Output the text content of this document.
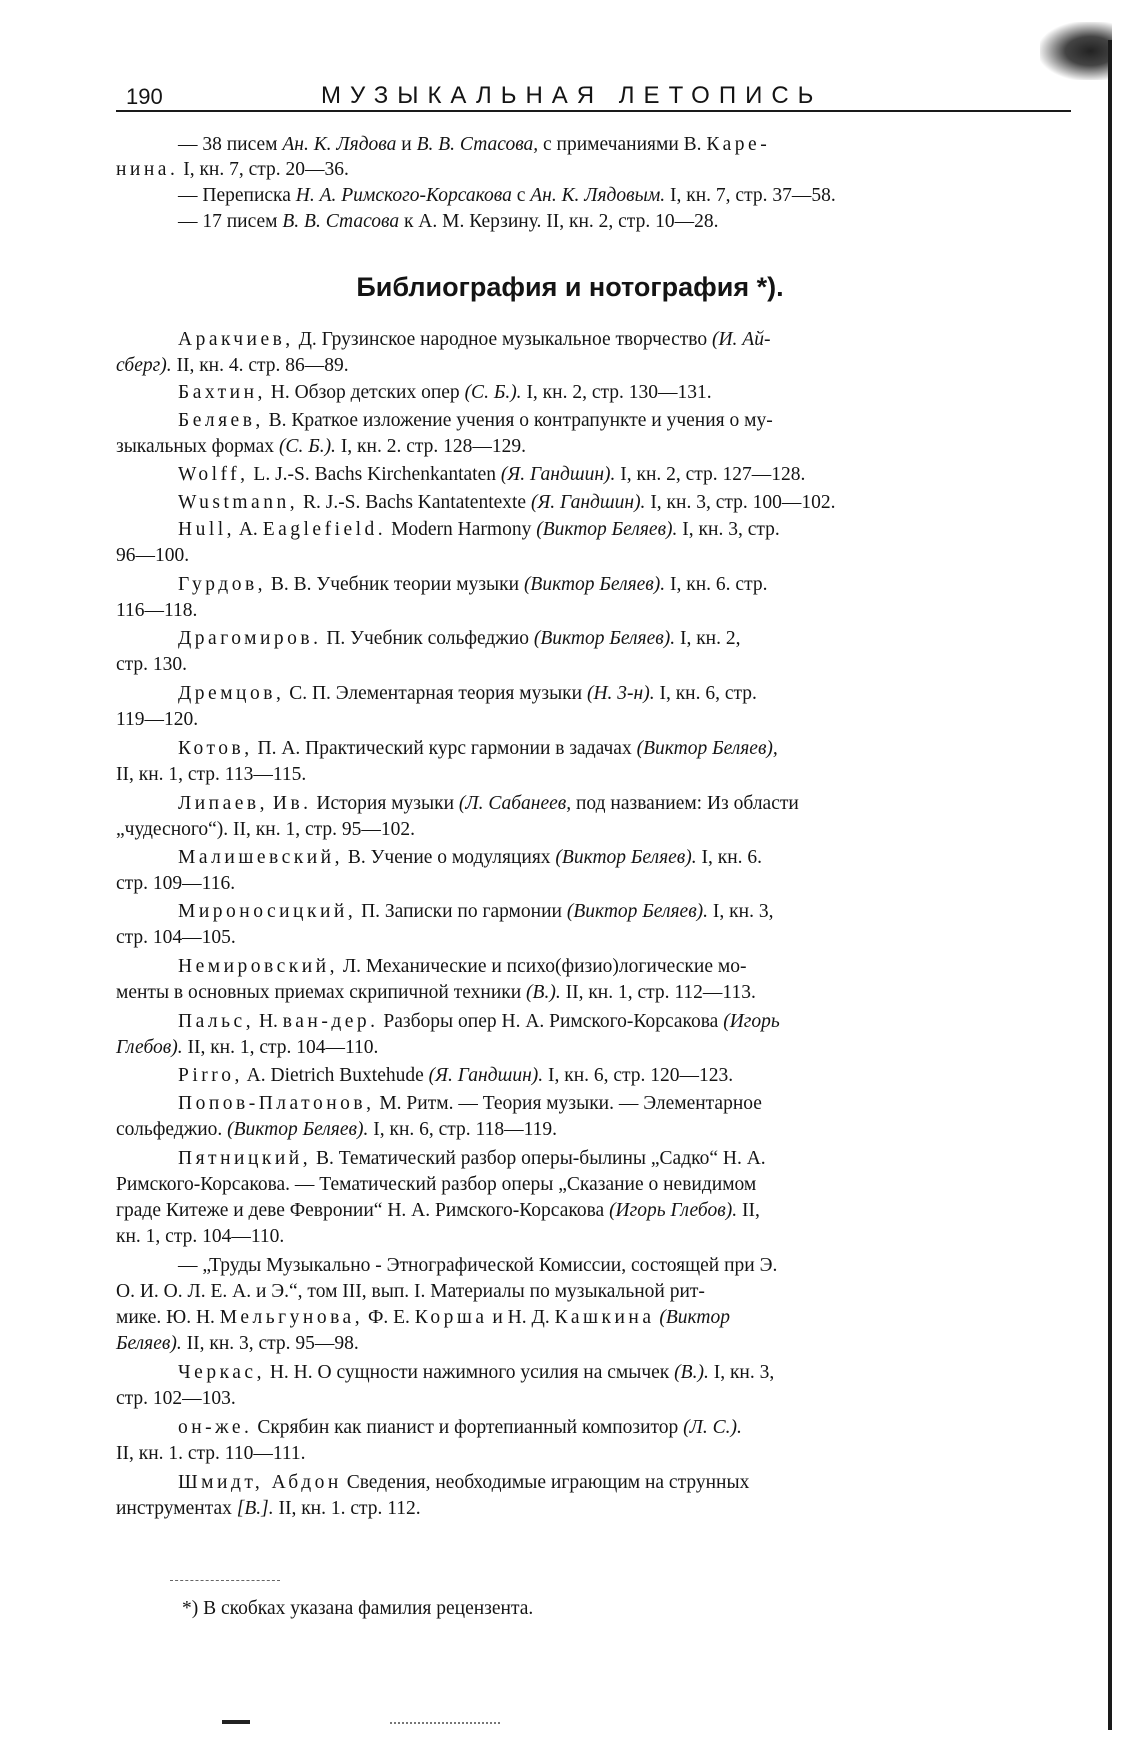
190	МУЗЫКАЛЬНАЯ ЛЕТОПИСЬ
— 38 писем Ан. К. Лядова и В. В. Стасова, с примечаниями В. Каре-
нина. I, кн. 7, стр. 20—36.
— Переписка Н. А. Римского-Корсакова с Ан. К. Лядовым. I, кн. 7, стр. 37—58.
— 17 писем В. В. Стасова к А. М. Керзину. II, кн. 2, стр. 10—28.
Библиография и нотография *).
Аракчиев, Д. Грузинское народное музыкальное творчество (И. Ай-
сберг). II, кн. 4. стр. 86—89.
Бахтин, Н. Обзор детских опер (С. Б.). I, кн. 2, стр. 130—131.
Беляев, В. Краткое изложение учения о контрапункте и учения о му-
зыкальных формах (С. Б.). I, кн. 2. стр. 128—129.
Wolff, L. J.-S. Bachs Kirchenkantaten (Я. Гандшин). I, кн. 2, стр. 127—128.
Wustmann, R. J.-S. Bachs Kantatentexte (Я. Гандшин). I, кн. 3, стр. 100—102.
Hull, A. Eaglefield. Modern Harmony (Виктор Беляев). I, кн. 3, стр.
96—100.
Гурдов, В. В. Учебник теории музыки (Виктор Беляев). I, кн. 6. стр.
116—118.
Драгомиров. П. Учебник сольфеджио (Виктор Беляев). I, кн. 2,
стр. 130.
Дремцов, С. П. Элементарная теория музыки (Н. 3-н). I, кн. 6, стр.
119—120.
Котов, П. А. Практический курс гармонии в задачах (Виктор Беляев),
II, кн. 1, стр. 113—115.
Липаев, Ив. История музыки (Л. Сабанеев, под названием: Из области
„чудесного“). II, кн. 1, стр. 95—102.
Малишевский, В. Учение о модуляциях (Виктор Беляев). I, кн. 6.
стр. 109—116.
Мироносицкий, П. Записки по гармонии (Виктор Беляев). I, кн. 3,
стр. 104—105.
Немировский, Л. Механические и психо(физио)логические мо-
менты в основных приемах скрипичной техники (В.). II, кн. 1, стр. 112—113.
Пальс, Н. ван-дер. Разборы опер Н. А. Римского-Корсакова (Игорь
Глебов). II, кн. 1, стр. 104—110.
Pirro, A. Dietrich Buxtehude (Я. Гандшин). I, кн. 6, стр. 120—123.
Попов-Платонов, М. Ритм. — Теория музыки. — Элементарное
сольфеджио. (Виктор Беляев). I, кн. 6, стр. 118—119.
Пятницкий, В. Тематический разбор оперы-былины „Садко“ Н. А.
Римского-Корсакова. — Тематический разбор оперы „Сказание о невидимом
граде Китеже и деве Февронии“ Н. А. Римского-Корсакова (Игорь Глебов). II,
кн. 1, стр. 104—110.
— „Труды Музыкально - Этнографической Комиссии, состоящей при Э.
О. И. О. Л. Е. А. и Э.“, том III, вып. I. Материалы по музыкальной рит-
мике. Ю. Н. Мельгунова, Ф. Е. Корша и Н. Д. Кашкина (Виктор
Беляев). II, кн. 3, стр. 95—98.
Черкас, Н. Н. О сущности нажимного усилия на смычек (В.). I, кн. 3,
стр. 102—103.
он-же. Скрябин как пианист и фортепианный композитор (Л. С.).
II, кн. 1. стр. 110—111.
Шмидт, Абдон Сведения, необходимые играющим на струнных
инструментах [В.]. II, кн. 1. стр. 112.
*) В скобках указана фамилия рецензента.
